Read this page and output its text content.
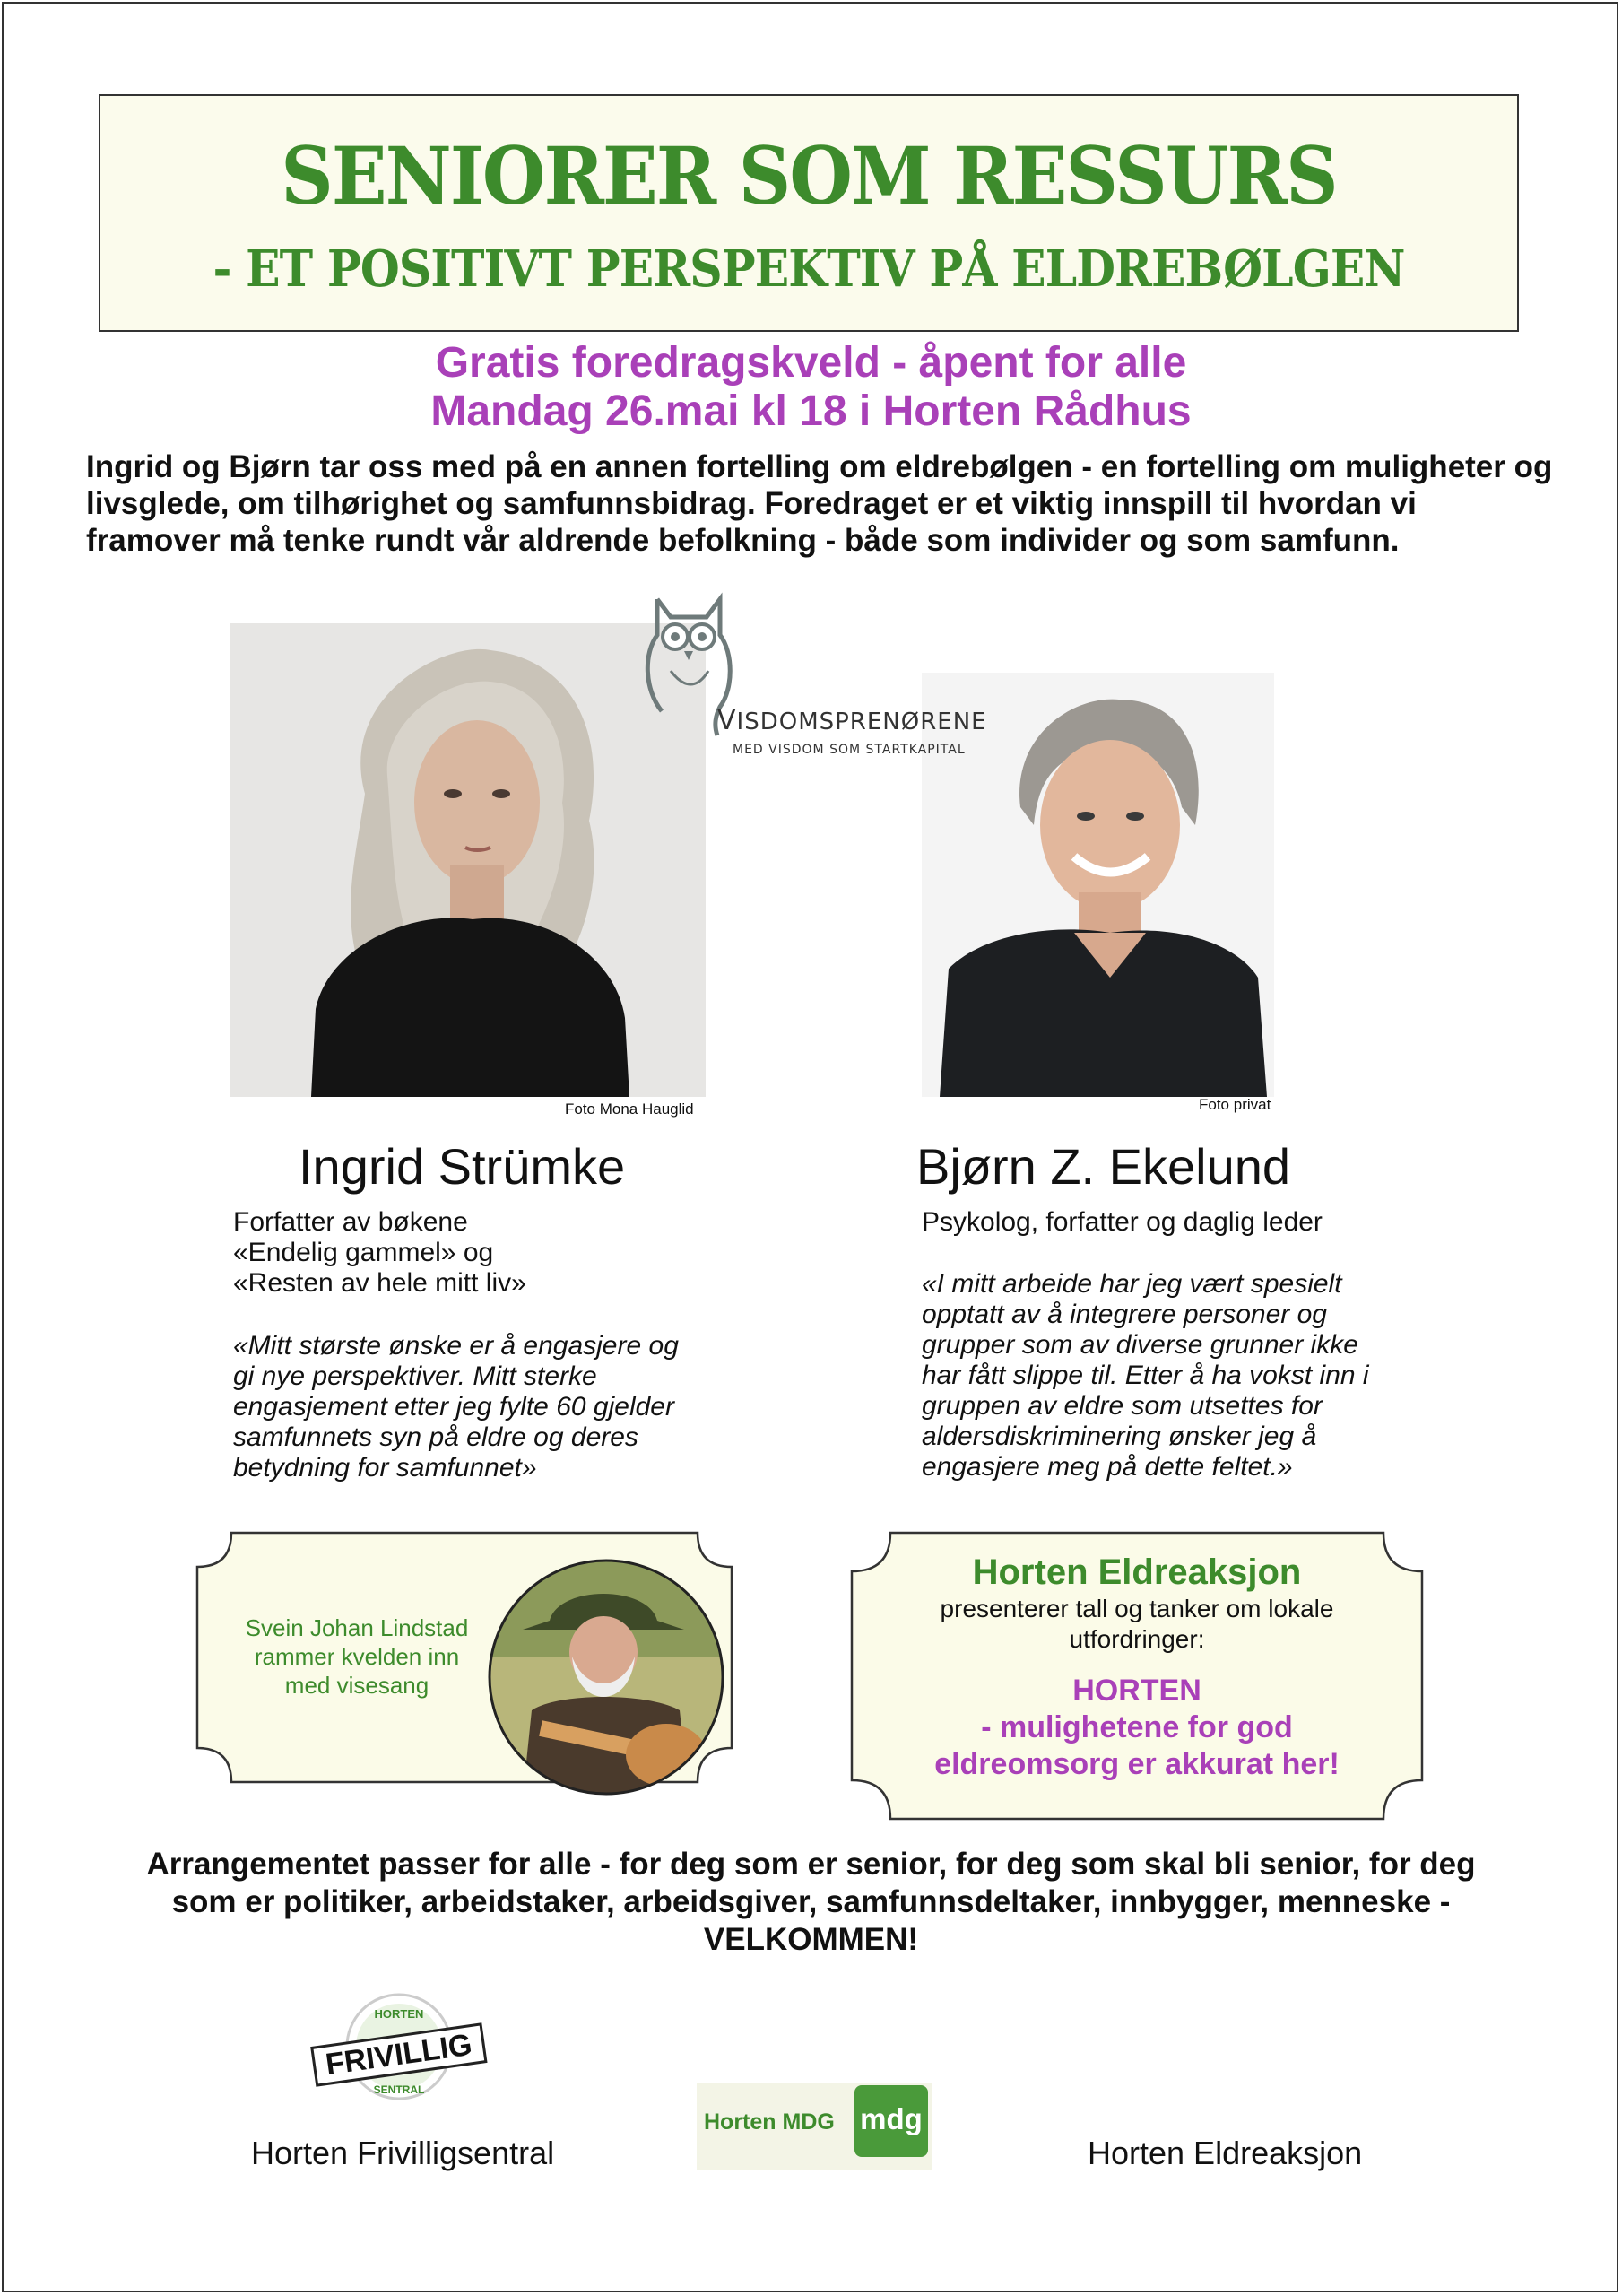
SENIORER SOM RESSURS
- ET POSITIVT PERSPEKTIV PÅ ELDREBØLGEN
Gratis foredragskveld - åpent for alle
Mandag 26.mai kl 18 i Horten Rådhus
Ingrid og Bjørn tar oss med på en annen fortelling om eldrebølgen - en fortelling om muligheter og livsglede, om tilhørighet og samfunnsbidrag. Foredraget er et viktig innspill til hvordan vi framover må tenke rundt vår aldrende befolkning - både som individer og som samfunn.
Foto Mona Hauglid	Foto privat
VISDOMSPRENØRENE
MED VISDOM SOM STARTKAPITAL
Ingrid Strümke	Bjørn Z. Ekelund
Forfatter av bøkene
«Endelig gammel» og
«Resten av hele mitt liv»
Psykolog, forfatter og daglig leder
«Mitt største ønske er å engasjere og
gi nye perspektiver. Mitt sterke
engasjement etter jeg fylte 60 gjelder
samfunnets syn på eldre og deres
betydning for samfunnet»
«I mitt arbeide har jeg vært spesielt
opptatt av å integrere personer og
grupper som av diverse grunner ikke
har fått slippe til. Etter å ha vokst inn i
gruppen av eldre som utsettes for
aldersdiskriminering ønsker jeg å
engasjere meg på dette feltet.»
Svein Johan Lindstad
rammer kvelden inn
med visesang
Horten Eldreaksjon
presenterer tall og tanker om lokale
utfordringer:
HORTEN
- mulighetene for god
eldreomsorg er akkurat her!
Arrangementet passer for alle - for deg som er senior, for deg som skal bli senior, for deg som er politiker, arbeidstaker, arbeidsgiver, samfunnsdeltaker, innbygger, menneske - VELKOMMEN!
HORTEN
FRIVILLIG
SENTRAL
Horten Frivilligsentral
Horten MDG mdg
Horten Eldreaksjon
